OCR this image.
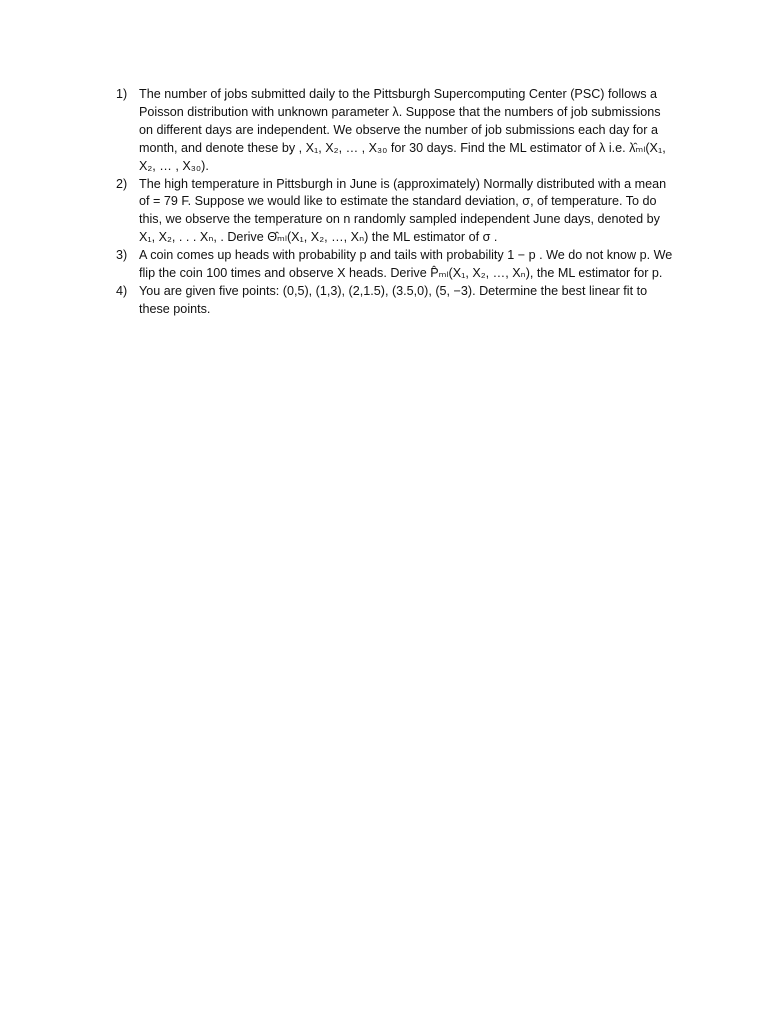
1) The number of jobs submitted daily to the Pittsburgh Supercomputing Center (PSC) follows a Poisson distribution with unknown parameter λ. Suppose that the numbers of job submissions on different days are independent. We observe the number of job submissions each day for a month, and denote these by , X₁, X₂, … , X₃₀ for 30 days. Find the ML estimator of λ i.e. λ̂ₘₗ(X₁, X₂, … , X₃₀).
2) The high temperature in Pittsburgh in June is (approximately) Normally distributed with a mean of = 79 F. Suppose we would like to estimate the standard deviation, σ, of temperature. To do this, we observe the temperature on n randomly sampled independent June days, denoted by X₁, X₂, . . . Xₙ, . Derive Θ̂ₘₗ(X₁, X₂, …, Xₙ) the ML estimator of σ .
3) A coin comes up heads with probability p and tails with probability 1 − p . We do not know p. We flip the coin 100 times and observe X heads. Derive P̂ₘₗ(X₁, X₂, …, Xₙ), the ML estimator for p.
4) You are given five points: (0,5), (1,3), (2,1.5), (3.5,0), (5, −3). Determine the best linear fit to these points.
